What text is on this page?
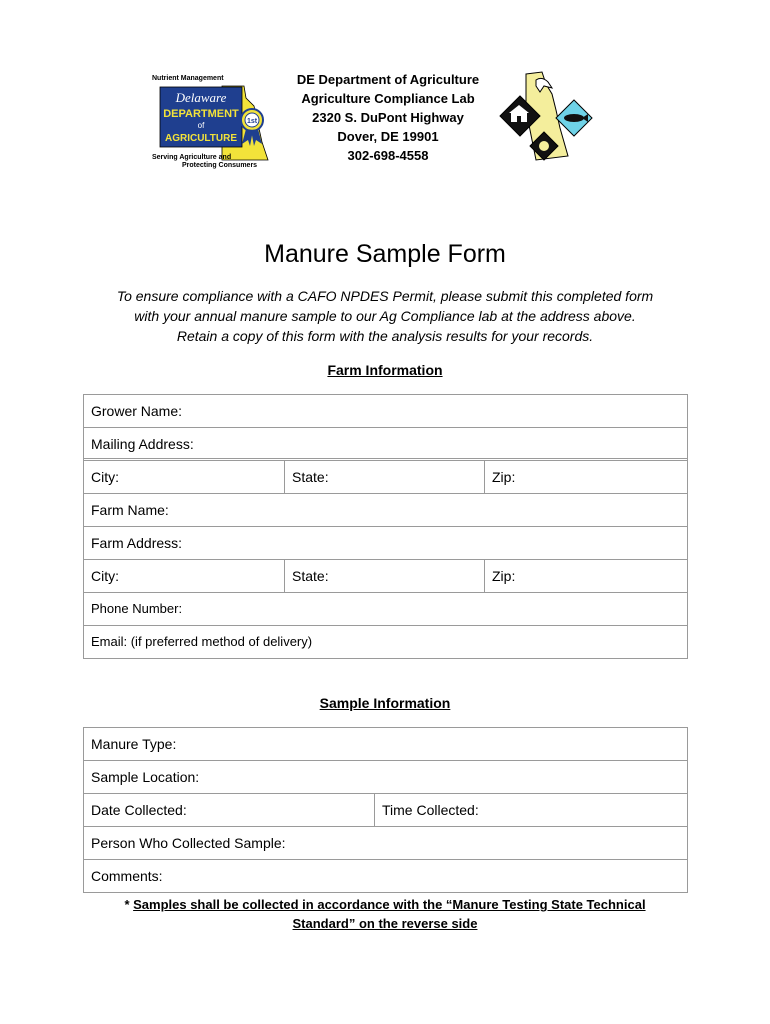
Nutrient Management
Delaware
DEPARTMENT
of
AGRICULTURE
1st
Serving Agriculture and
Protecting Consumers
DE Department of Agriculture
Agriculture Compliance Lab
2320 S. DuPont Highway
Dover, DE 19901
302-698-4558
Manure Sample Form
To ensure compliance with a CAFO NPDES Permit, please submit this completed form
with your annual manure sample to our Ag Compliance lab at the address above.
Retain a copy of this form with the analysis results for your records.
Farm Information
Grower Name:
Mailing Address:
City:	State:	Zip:
Farm Name:
Farm Address:
City:	State:	Zip:
Phone Number:
Email: (if preferred method of delivery)
Sample Information
Manure Type:
Sample Location:
Date Collected:	Time Collected:
Person Who Collected Sample:
Comments:
* Samples shall be collected in accordance with the “Manure Testing State Technical
Standard” on the reverse side
